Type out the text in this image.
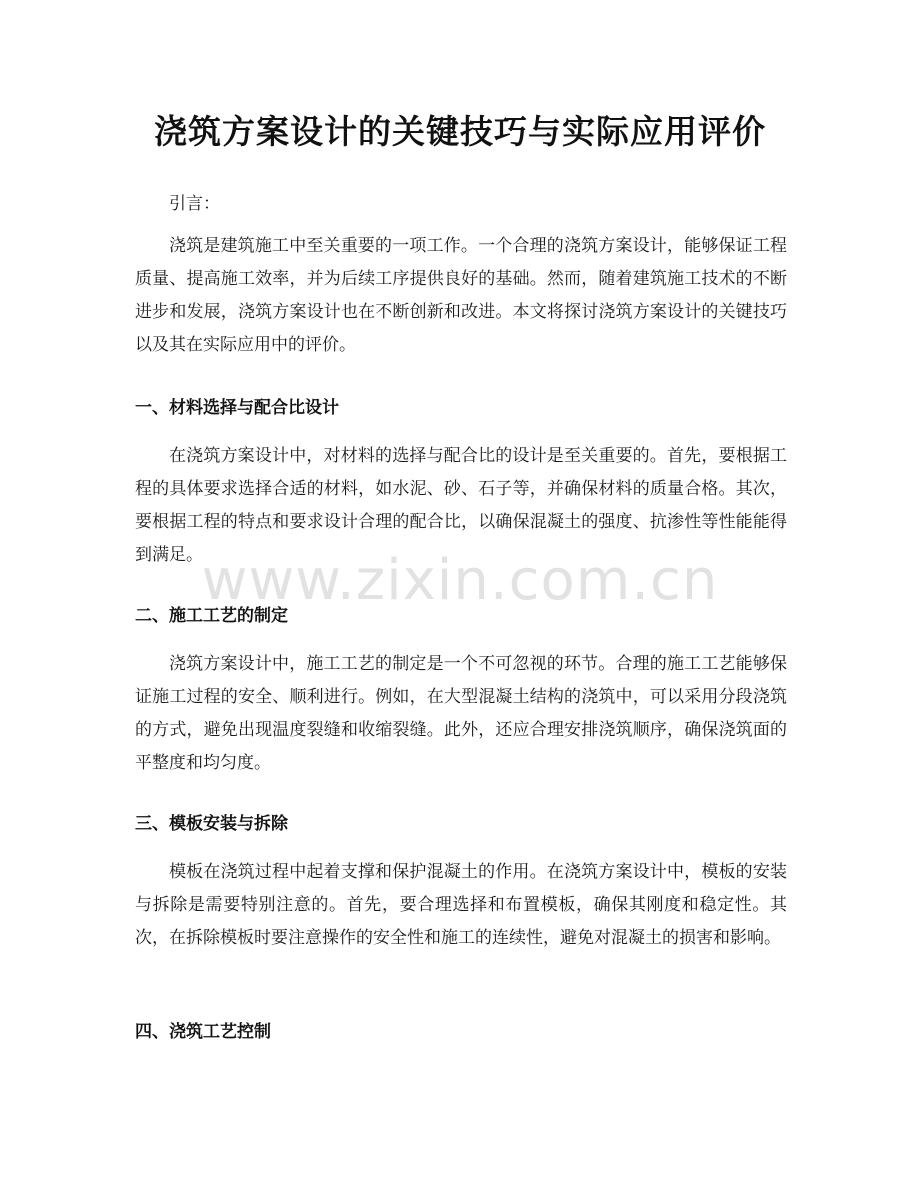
浇筑方案设计的关键技巧与实际应用评价
引言：

浇筑是建筑施工中至关重要的一项工作。一个合理的浇筑方案设计，能够保证工程质量、提高施工效率，并为后续工序提供良好的基础。然而，随着建筑施工技术的不断进步和发展，浇筑方案设计也在不断创新和改进。本文将探讨浇筑方案设计的关键技巧以及其在实际应用中的评价。

一、材料选择与配合比设计

在浇筑方案设计中，对材料的选择与配合比的设计是至关重要的。首先，要根据工程的具体要求选择合适的材料，如水泥、砂、石子等，并确保材料的质量合格。其次，要根据工程的特点和要求设计合理的配合比，以确保混凝土的强度、抗渗性等性能能得到满足。

二、施工工艺的制定

浇筑方案设计中，施工工艺的制定是一个不可忽视的环节。合理的施工工艺能够保证施工过程的安全、顺利进行。例如，在大型混凝土结构的浇筑中，可以采用分段浇筑的方式，避免出现温度裂缝和收缩裂缝。此外，还应合理安排浇筑顺序，确保浇筑面的平整度和均匀度。

三、模板安装与拆除

模板在浇筑过程中起着支撑和保护混凝土的作用。在浇筑方案设计中，模板的安装与拆除是需要特别注意的。首先，要合理选择和布置模板，确保其刚度和稳定性。其次，在拆除模板时要注意操作的安全性和施工的连续性，避免对混凝土的损害和影响。

四、浇筑工艺控制
www.zixin.com.cn
